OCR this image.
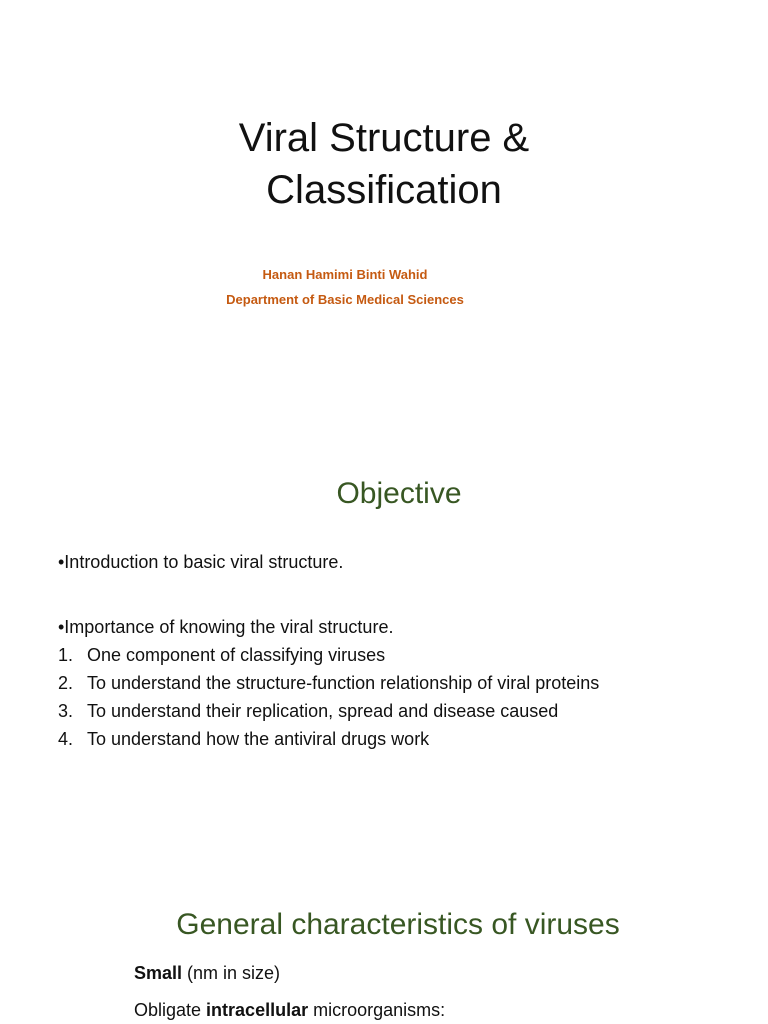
Viral Structure &
Classification
Hanan Hamimi Binti Wahid
Department of Basic Medical Sciences
Objective
•Introduction to basic viral structure.
•Importance of knowing the viral structure.
1. One component of classifying viruses
2. To understand the structure-function relationship of viral proteins
3. To understand their replication, spread and disease caused
4. To understand how the antiviral drugs work
General characteristics of viruses
Small (nm in size)
Obligate intracellular microorganisms:
